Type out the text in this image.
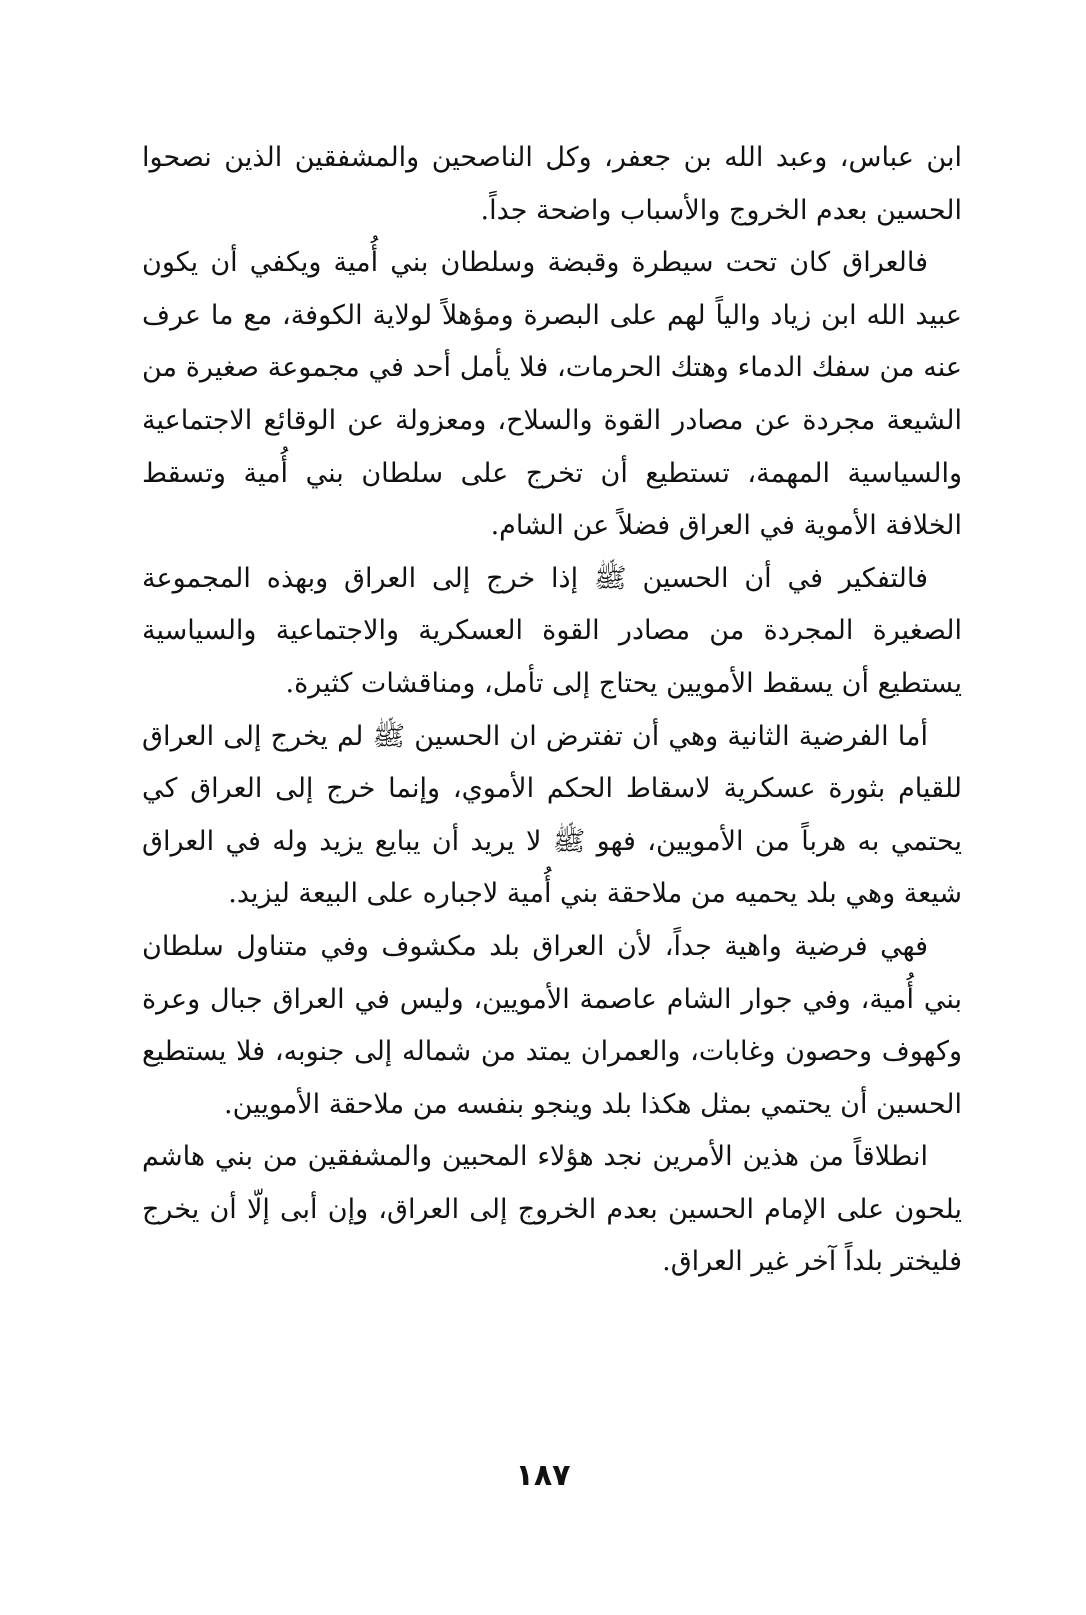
ابن عباس، وعبد الله بن جعفر، وكل الناصحين والمشفقين الذين نصحوا الحسين بعدم الخروج والأسباب واضحة جداً.

فالعراق كان تحت سيطرة وقبضة وسلطان بني أُمية ويكفي أن يكون عبيد الله ابن زياد والياً لهم على البصرة ومؤهلاً لولاية الكوفة، مع ما عرف عنه من سفك الدماء وهتك الحرمات، فلا يأمل أحد في مجموعة صغيرة من الشيعة مجردة عن مصادر القوة والسلاح، ومعزولة عن الوقائع الاجتماعية والسياسية المهمة، تستطيع أن تخرج على سلطان بني أُمية وتسقط الخلافة الأموية في العراق فضلاً عن الشام.

فالتفكير في أن الحسين ﷺ إذا خرج إلى العراق وبهذه المجموعة الصغيرة المجردة من مصادر القوة العسكرية والاجتماعية والسياسية يستطيع أن يسقط الأمويين يحتاج إلى تأمل، ومناقشات كثيرة.

أما الفرضية الثانية وهي أن تفترض ان الحسين ﷺ لم يخرج إلى العراق للقيام بثورة عسكرية لاسقاط الحكم الأموي، وإنما خرج إلى العراق كي يحتمي به هرباً من الأمويين، فهو ﷺ لا يريد أن يبايع يزيد وله في العراق شيعة وهي بلد يحميه من ملاحقة بني أُمية لاجباره على البيعة ليزيد.

فهي فرضية واهية جداً، لأن العراق بلد مكشوف وفي متناول سلطان بني أُمية، وفي جوار الشام عاصمة الأمويين، وليس في العراق جبال وعرة وكهوف وحصون وغابات، والعمران يمتد من شماله إلى جنوبه، فلا يستطيع الحسين أن يحتمي بمثل هكذا بلد وينجو بنفسه من ملاحقة الأمويين.

انطلاقاً من هذين الأمرين نجد هؤلاء المحبين والمشفقين من بني هاشم يلحون على الإمام الحسين بعدم الخروج إلى العراق، وإن أبى إلّا أن يخرج فليختر بلداً آخر غير العراق.

١٨٧
